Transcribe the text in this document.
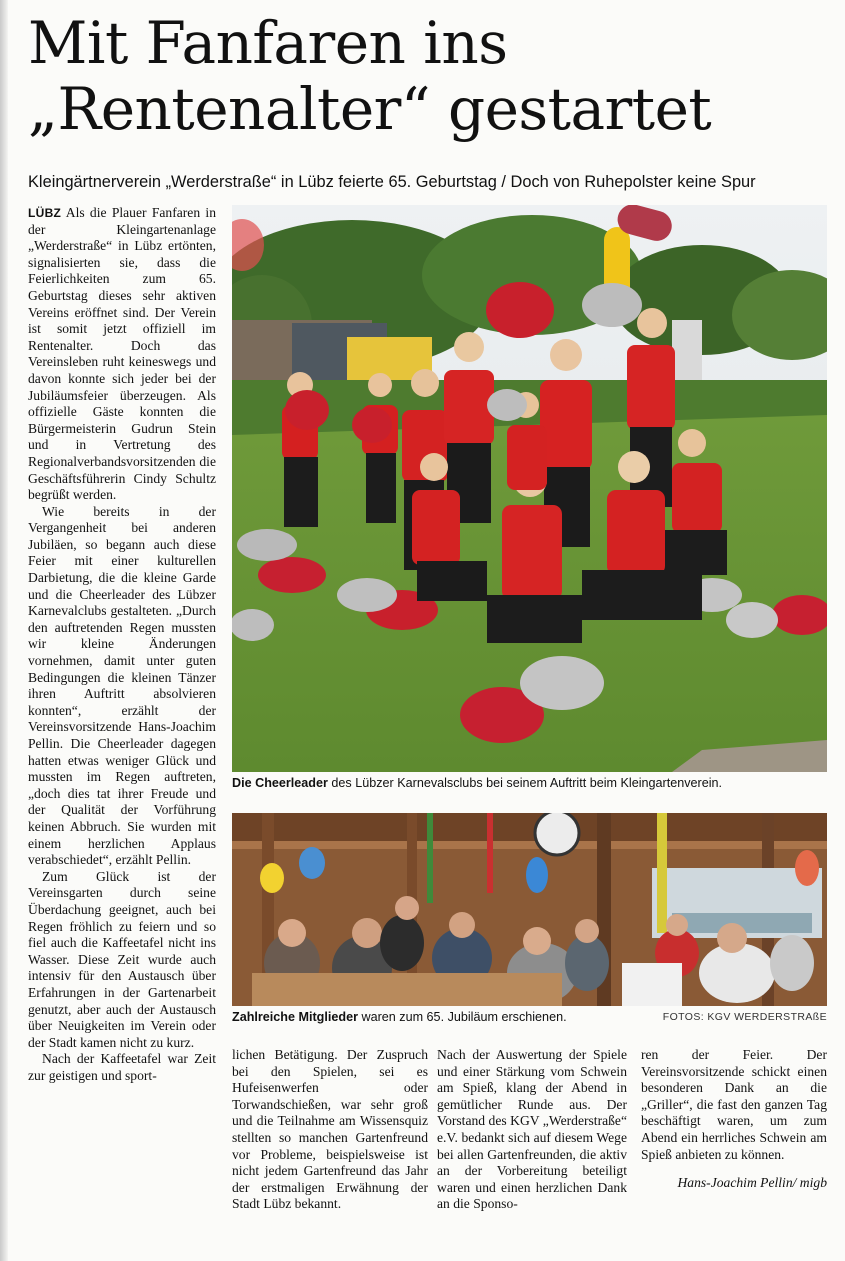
Mit Fanfaren ins
„Rentenalter“ gestartet

Kleingärtnerverein „Werderstraße“ in Lübz feierte 65. Geburtstag / Doch von Ruhepolster keine Spur

LÜBZ Als die Plauer Fanfaren in der Kleingartenanlage „Werderstraße“ in Lübz ertönten, signalisierten sie, dass die Feierlichkeiten zum 65. Geburtstag dieses sehr aktiven Vereins eröffnet sind. Der Verein ist somit jetzt offiziell im Rentenalter. Doch das Vereinsleben ruht keineswegs und davon konnte sich jeder bei der Jubiläumsfeier überzeugen. Als offizielle Gäste konnten die Bürgermeisterin Gudrun Stein und in Vertretung des Regionalverbandsvorsitzenden die Geschäftsführerin Cindy Schultz begrüßt werden.

Wie bereits in der Vergangenheit bei anderen Jubiläen, so begann auch diese Feier mit einer kulturellen Darbietung, die die kleine Garde und die Cheerleader des Lübzer Karnevalclubs gestalteten. „Durch den auftretenden Regen mussten wir kleine Änderungen vornehmen, damit unter guten Bedingungen die kleinen Tänzer ihren Auftritt absolvieren konnten“, erzählt der Vereinsvorsitzende Hans-Joachim Pellin. Die Cheerleader dagegen hatten etwas weniger Glück und mussten im Regen auftreten, „doch dies tat ihrer Freude und der Qualität der Vorführung keinen Abbruch. Sie wurden mit einem herzlichen Applaus verabschiedet“, erzählt Pellin.

Zum Glück ist der Vereinsgarten durch seine Überdachung geeignet, auch bei Regen fröhlich zu feiern und so fiel auch die Kaffeetafel nicht ins Wasser. Diese Zeit wurde auch intensiv für den Austausch über Erfahrungen in der Gartenarbeit genutzt, aber auch der Austausch über Neuigkeiten im Verein oder der Stadt kamen nicht zu kurz.

Nach der Kaffeetafel war Zeit zur geistigen und sport-

Die Cheerleader des Lübzer Karnevalsclubs bei seinem Auftritt beim Kleingartenverein.

Zahlreiche Mitglieder waren zum 65. Jubiläum erschienen.	FOTOS: KGV WERDERSTRAßE

lichen Betätigung. Der Zuspruch bei den Spielen, sei es Hufeisenwerfen oder Torwandschießen, war sehr groß und die Teilnahme am Wissensquiz stellten so manchen Gartenfreund vor Probleme, beispielsweise ist nicht jedem Gartenfreund das Jahr der erstmaligen Erwähnung der Stadt Lübz bekannt.

Nach der Auswertung der Spiele und einer Stärkung vom Schwein am Spieß, klang der Abend in gemütlicher Runde aus. Der Vorstand des KGV „Werderstraße“ e.V. bedankt sich auf diesem Wege bei allen Gartenfreunden, die aktiv an der Vorbereitung beteiligt waren und einen herzlichen Dank an die Sponso-

ren der Feier. Der Vereinsvorsitzende schickt einen besonderen Dank an die „Griller“, die fast den ganzen Tag beschäftigt waren, um zum Abend ein herrliches Schwein am Spieß anbieten zu können.

Hans-Joachim Pellin/ migb
